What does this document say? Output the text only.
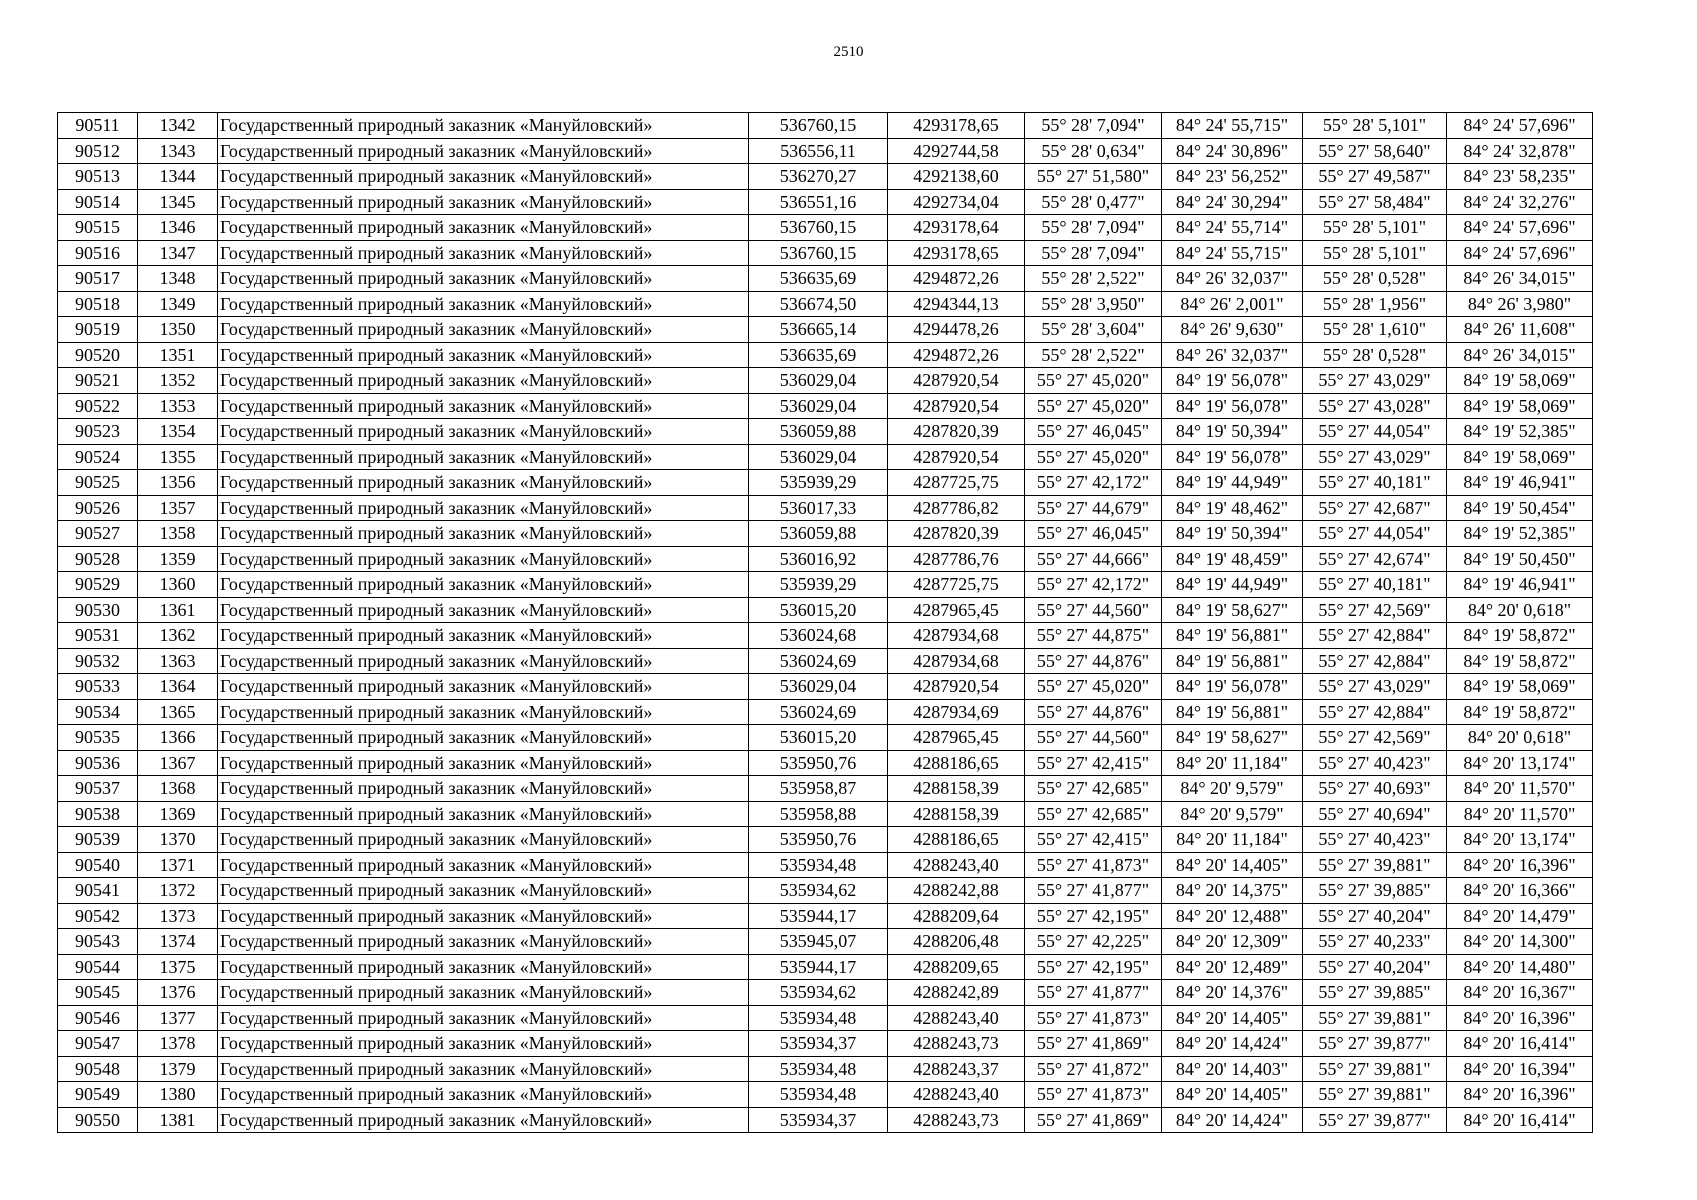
2510
90511	1342	Государственный природный заказник «Мануйловский»	536760,15	4293178,65	55° 28' 7,094"	84° 24' 55,715"	55° 28' 5,101"	84° 24' 57,696"
90512	1343	Государственный природный заказник «Мануйловский»	536556,11	4292744,58	55° 28' 0,634"	84° 24' 30,896"	55° 27' 58,640"	84° 24' 32,878"
90513	1344	Государственный природный заказник «Мануйловский»	536270,27	4292138,60	55° 27' 51,580"	84° 23' 56,252"	55° 27' 49,587"	84° 23' 58,235"
90514	1345	Государственный природный заказник «Мануйловский»	536551,16	4292734,04	55° 28' 0,477"	84° 24' 30,294"	55° 27' 58,484"	84° 24' 32,276"
90515	1346	Государственный природный заказник «Мануйловский»	536760,15	4293178,64	55° 28' 7,094"	84° 24' 55,714"	55° 28' 5,101"	84° 24' 57,696"
90516	1347	Государственный природный заказник «Мануйловский»	536760,15	4293178,65	55° 28' 7,094"	84° 24' 55,715"	55° 28' 5,101"	84° 24' 57,696"
90517	1348	Государственный природный заказник «Мануйловский»	536635,69	4294872,26	55° 28' 2,522"	84° 26' 32,037"	55° 28' 0,528"	84° 26' 34,015"
90518	1349	Государственный природный заказник «Мануйловский»	536674,50	4294344,13	55° 28' 3,950"	84° 26' 2,001"	55° 28' 1,956"	84° 26' 3,980"
90519	1350	Государственный природный заказник «Мануйловский»	536665,14	4294478,26	55° 28' 3,604"	84° 26' 9,630"	55° 28' 1,610"	84° 26' 11,608"
90520	1351	Государственный природный заказник «Мануйловский»	536635,69	4294872,26	55° 28' 2,522"	84° 26' 32,037"	55° 28' 0,528"	84° 26' 34,015"
90521	1352	Государственный природный заказник «Мануйловский»	536029,04	4287920,54	55° 27' 45,020"	84° 19' 56,078"	55° 27' 43,029"	84° 19' 58,069"
90522	1353	Государственный природный заказник «Мануйловский»	536029,04	4287920,54	55° 27' 45,020"	84° 19' 56,078"	55° 27' 43,028"	84° 19' 58,069"
90523	1354	Государственный природный заказник «Мануйловский»	536059,88	4287820,39	55° 27' 46,045"	84° 19' 50,394"	55° 27' 44,054"	84° 19' 52,385"
90524	1355	Государственный природный заказник «Мануйловский»	536029,04	4287920,54	55° 27' 45,020"	84° 19' 56,078"	55° 27' 43,029"	84° 19' 58,069"
90525	1356	Государственный природный заказник «Мануйловский»	535939,29	4287725,75	55° 27' 42,172"	84° 19' 44,949"	55° 27' 40,181"	84° 19' 46,941"
90526	1357	Государственный природный заказник «Мануйловский»	536017,33	4287786,82	55° 27' 44,679"	84° 19' 48,462"	55° 27' 42,687"	84° 19' 50,454"
90527	1358	Государственный природный заказник «Мануйловский»	536059,88	4287820,39	55° 27' 46,045"	84° 19' 50,394"	55° 27' 44,054"	84° 19' 52,385"
90528	1359	Государственный природный заказник «Мануйловский»	536016,92	4287786,76	55° 27' 44,666"	84° 19' 48,459"	55° 27' 42,674"	84° 19' 50,450"
90529	1360	Государственный природный заказник «Мануйловский»	535939,29	4287725,75	55° 27' 42,172"	84° 19' 44,949"	55° 27' 40,181"	84° 19' 46,941"
90530	1361	Государственный природный заказник «Мануйловский»	536015,20	4287965,45	55° 27' 44,560"	84° 19' 58,627"	55° 27' 42,569"	84° 20' 0,618"
90531	1362	Государственный природный заказник «Мануйловский»	536024,68	4287934,68	55° 27' 44,875"	84° 19' 56,881"	55° 27' 42,884"	84° 19' 58,872"
90532	1363	Государственный природный заказник «Мануйловский»	536024,69	4287934,68	55° 27' 44,876"	84° 19' 56,881"	55° 27' 42,884"	84° 19' 58,872"
90533	1364	Государственный природный заказник «Мануйловский»	536029,04	4287920,54	55° 27' 45,020"	84° 19' 56,078"	55° 27' 43,029"	84° 19' 58,069"
90534	1365	Государственный природный заказник «Мануйловский»	536024,69	4287934,69	55° 27' 44,876"	84° 19' 56,881"	55° 27' 42,884"	84° 19' 58,872"
90535	1366	Государственный природный заказник «Мануйловский»	536015,20	4287965,45	55° 27' 44,560"	84° 19' 58,627"	55° 27' 42,569"	84° 20' 0,618"
90536	1367	Государственный природный заказник «Мануйловский»	535950,76	4288186,65	55° 27' 42,415"	84° 20' 11,184"	55° 27' 40,423"	84° 20' 13,174"
90537	1368	Государственный природный заказник «Мануйловский»	535958,87	4288158,39	55° 27' 42,685"	84° 20' 9,579"	55° 27' 40,693"	84° 20' 11,570"
90538	1369	Государственный природный заказник «Мануйловский»	535958,88	4288158,39	55° 27' 42,685"	84° 20' 9,579"	55° 27' 40,694"	84° 20' 11,570"
90539	1370	Государственный природный заказник «Мануйловский»	535950,76	4288186,65	55° 27' 42,415"	84° 20' 11,184"	55° 27' 40,423"	84° 20' 13,174"
90540	1371	Государственный природный заказник «Мануйловский»	535934,48	4288243,40	55° 27' 41,873"	84° 20' 14,405"	55° 27' 39,881"	84° 20' 16,396"
90541	1372	Государственный природный заказник «Мануйловский»	535934,62	4288242,88	55° 27' 41,877"	84° 20' 14,375"	55° 27' 39,885"	84° 20' 16,366"
90542	1373	Государственный природный заказник «Мануйловский»	535944,17	4288209,64	55° 27' 42,195"	84° 20' 12,488"	55° 27' 40,204"	84° 20' 14,479"
90543	1374	Государственный природный заказник «Мануйловский»	535945,07	4288206,48	55° 27' 42,225"	84° 20' 12,309"	55° 27' 40,233"	84° 20' 14,300"
90544	1375	Государственный природный заказник «Мануйловский»	535944,17	4288209,65	55° 27' 42,195"	84° 20' 12,489"	55° 27' 40,204"	84° 20' 14,480"
90545	1376	Государственный природный заказник «Мануйловский»	535934,62	4288242,89	55° 27' 41,877"	84° 20' 14,376"	55° 27' 39,885"	84° 20' 16,367"
90546	1377	Государственный природный заказник «Мануйловский»	535934,48	4288243,40	55° 27' 41,873"	84° 20' 14,405"	55° 27' 39,881"	84° 20' 16,396"
90547	1378	Государственный природный заказник «Мануйловский»	535934,37	4288243,73	55° 27' 41,869"	84° 20' 14,424"	55° 27' 39,877"	84° 20' 16,414"
90548	1379	Государственный природный заказник «Мануйловский»	535934,48	4288243,37	55° 27' 41,872"	84° 20' 14,403"	55° 27' 39,881"	84° 20' 16,394"
90549	1380	Государственный природный заказник «Мануйловский»	535934,48	4288243,40	55° 27' 41,873"	84° 20' 14,405"	55° 27' 39,881"	84° 20' 16,396"
90550	1381	Государственный природный заказник «Мануйловский»	535934,37	4288243,73	55° 27' 41,869"	84° 20' 14,424"	55° 27' 39,877"	84° 20' 16,414"
